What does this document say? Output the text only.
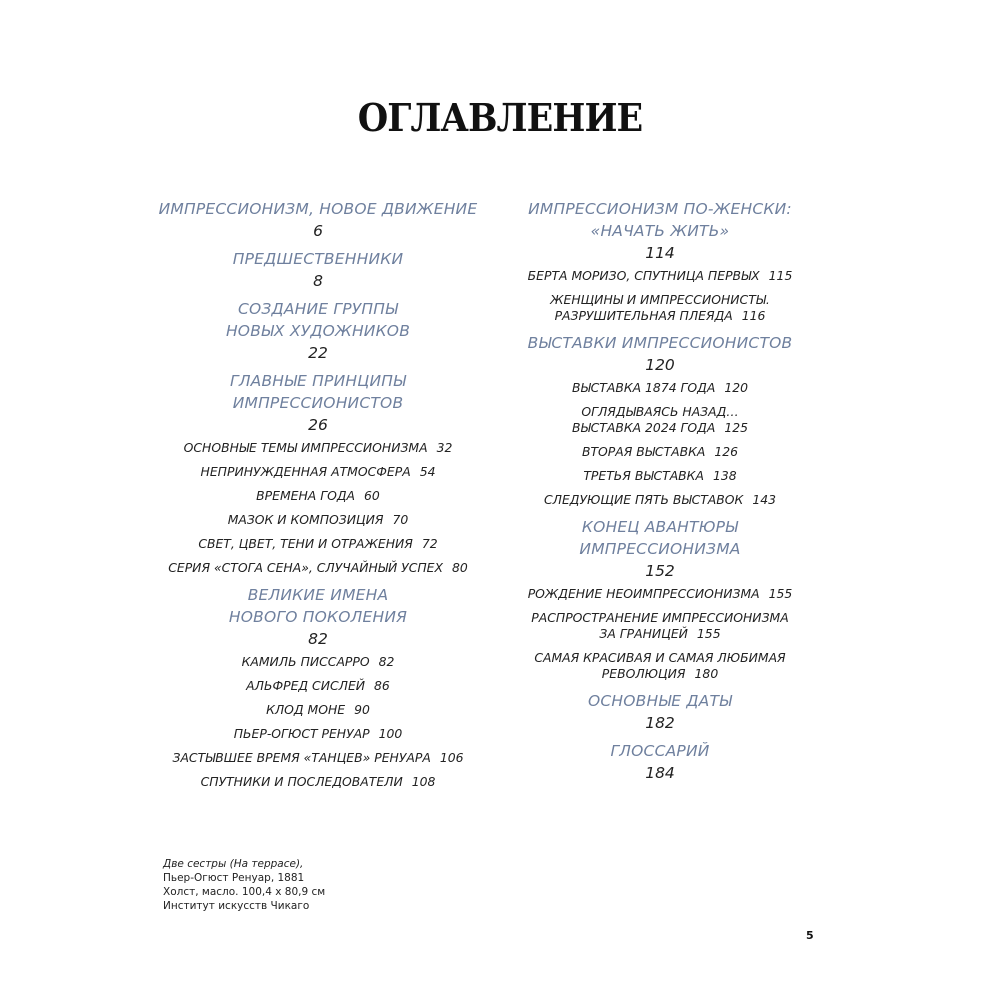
ОГЛАВЛЕНИЕ
ИМПРЕССИОНИЗМ, НОВОЕ ДВИЖЕНИЕ
6
ПРЕДШЕСТВЕННИКИ
8
СОЗДАНИЕ ГРУППЫ
НОВЫХ ХУДОЖНИКОВ
22
ГЛАВНЫЕ ПРИНЦИПЫ
ИМПРЕССИОНИСТОВ
26
ОСНОВНЫЕ ТЕМЫ ИМПРЕССИОНИЗМА 32
НЕПРИНУЖДЕННАЯ АТМОСФЕРА 54
ВРЕМЕНА ГОДА 60
МАЗОК И КОМПОЗИЦИЯ 70
СВЕТ, ЦВЕТ, ТЕНИ И ОТРАЖЕНИЯ 72
СЕРИЯ «СТОГА СЕНА», СЛУЧАЙНЫЙ УСПЕХ 80
ВЕЛИКИЕ ИМЕНА
НОВОГО ПОКОЛЕНИЯ
82
КАМИЛЬ ПИССАРРО 82
АЛЬФРЕД СИСЛЕЙ 86
КЛОД МОНЕ 90
ПЬЕР-ОГЮСТ РЕНУАР 100
ЗАСТЫВШЕЕ ВРЕМЯ «ТАНЦЕВ» РЕНУАРА 106
СПУТНИКИ И ПОСЛЕДОВАТЕЛИ 108
ИМПРЕССИОНИЗМ ПО-ЖЕНСКИ:
«НАЧАТЬ ЖИТЬ»
114
БЕРТА МОРИЗО, СПУТНИЦА ПЕРВЫХ 115
ЖЕНЩИНЫ И ИМПРЕССИОНИСТЫ.
РАЗРУШИТЕЛЬНАЯ ПЛЕЯДА 116
ВЫСТАВКИ ИМПРЕССИОНИСТОВ
120
ВЫСТАВКА 1874 ГОДА 120
ОГЛЯДЫВАЯСЬ НАЗАД…
ВЫСТАВКА 2024 ГОДА 125
ВТОРАЯ ВЫСТАВКА 126
ТРЕТЬЯ ВЫСТАВКА 138
СЛЕДУЮЩИЕ ПЯТЬ ВЫСТАВОК 143
КОНЕЦ АВАНТЮРЫ
ИМПРЕССИОНИЗМА
152
РОЖДЕНИЕ НЕОИМПРЕССИОНИЗМА 155
РАСПРОСТРАНЕНИЕ ИМПРЕССИОНИЗМА
ЗА ГРАНИЦЕЙ 155
САМАЯ КРАСИВАЯ И САМАЯ ЛЮБИМАЯ
РЕВОЛЮЦИЯ 180
ОСНОВНЫЕ ДАТЫ
182
ГЛОССАРИЙ
184
Две сестры (На террасе),
Пьер-Огюст Ренуар, 1881
Холст, масло. 100,4 x 80,9 см
Институт искусств Чикаго
5
